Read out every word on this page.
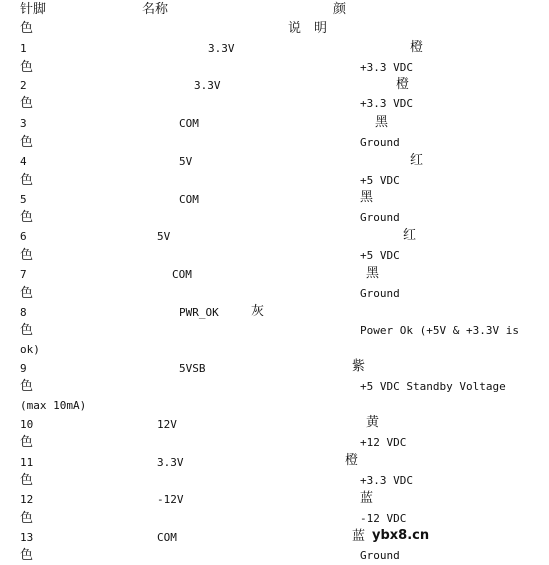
针脚	名称	颜
色	说　明
1	3.3V	橙
色	+3.3 VDC
2	3.3V	橙
色	+3.3 VDC
3	COM	黑
色	Ground
4	5V	红
色	+5 VDC
5	COM	黑
色	Ground
6	5V	红
色	+5 VDC
7	COM	黑
色	Ground
8	PWR_OK 灰
色	Power Ok (+5V & +3.3V is
ok)
9	5VSB	紫
色	+5 VDC Standby Voltage
(max 10mA)
10	12V	黄
色	+12 VDC
11	3.3V	橙
色	+3.3 VDC
12	-12V	蓝
色	-12 VDC
13	COM	蓝
色	Ground
ybx8.cn
